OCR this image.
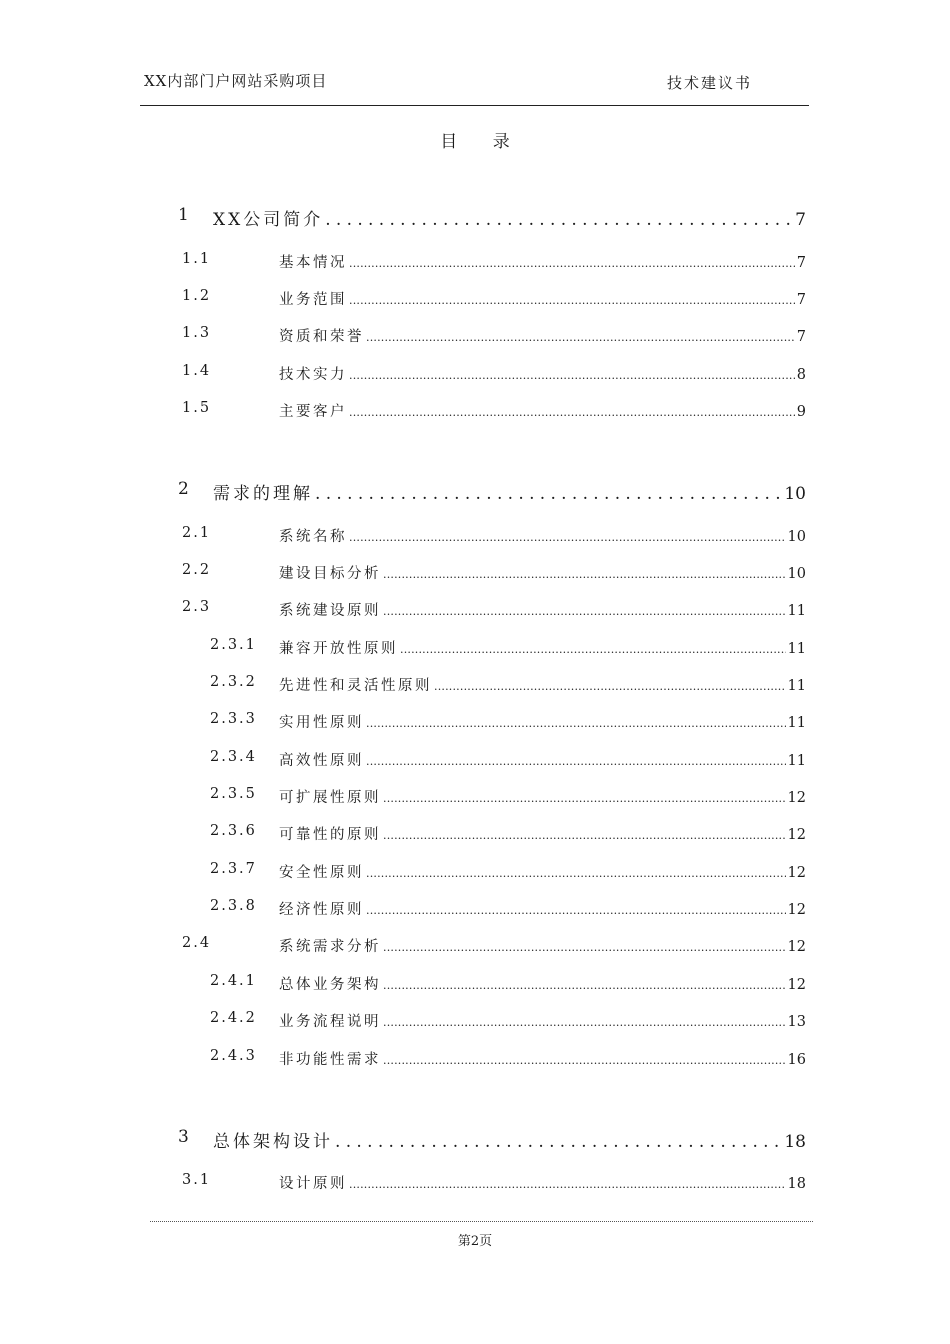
XX内部门户网站采购项目	技术建议书
目 录
1 XX公司简介 .....	7
1.1	基本情况 .....	7
1.2	业务范围 .....	7
1.3	资质和荣誉 .....	7
1.4	技术实力 .....	8
1.5	主要客户 .....	9
2 需求的理解 .....	10
2.1	系统名称 .....	10
2.2	建设目标分析 .....	10
2.3	系统建设原则 .....	11
2.3.1 兼容开放性原则 .....	11
2.3.2 先进性和灵活性原则 .....	11
2.3.3 实用性原则 .....	11
2.3.4 高效性原则 .....	11
2.3.5 可扩展性原则 .....	12
2.3.6 可靠性的原则 .....	12
2.3.7 安全性原则 .....	12
2.3.8 经济性原则 .....	12
2.4	系统需求分析 .....	12
2.4.1 总体业务架构 .....	12
2.4.2 业务流程说明 .....	13
2.4.3 非功能性需求 .....	16
3 总体架构设计 .....	18
3.1	设计原则 .....	18
第2页
